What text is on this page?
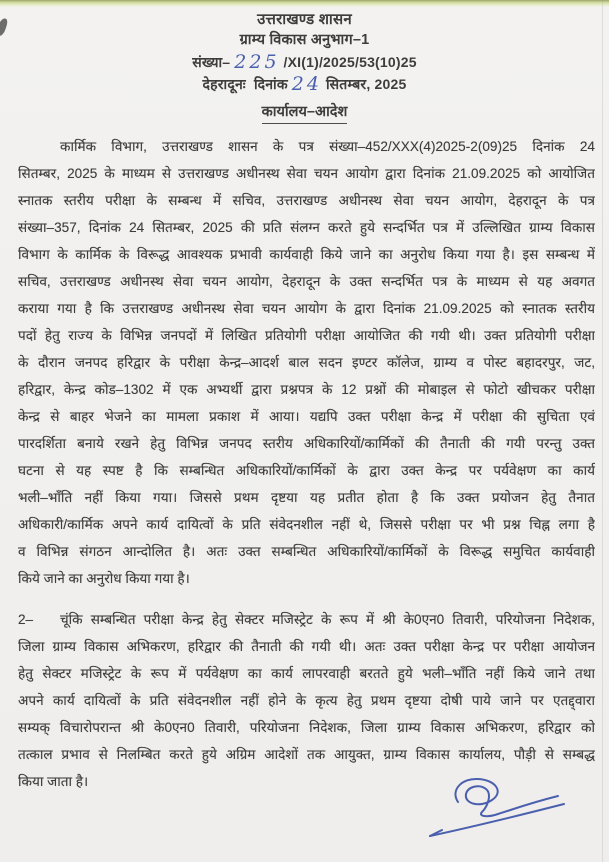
उत्तराखण्ड शासन
ग्राम्य विकास अनुभाग–1
संख्या– 225 /XI(1)/2025/53(10)25
देहरादूनः दिनांक 24 सितम्बर, 2025
कार्यालय–आदेश
कार्मिक विभाग, उत्तराखण्ड शासन के पत्र संख्या–452/XXX(4)2025-2(09)25 दिनांक 24
सितम्बर, 2025 के माध्यम से उत्तराखण्ड अधीनस्थ सेवा चयन आयोग द्वारा दिनांक 21.09.2025 को आयोजित
स्नातक स्तरीय परीक्षा के सम्बन्ध में सचिव, उत्तराखण्ड अधीनस्थ सेवा चयन आयोग, देहरादून के पत्र
संख्या–357, दिनांक 24 सितम्बर, 2025 की प्रति संलग्न करते हुये सन्दर्भित पत्र में उल्लिखित ग्राम्य विकास
विभाग के कार्मिक के विरूद्ध आवश्यक प्रभावी कार्यवाही किये जाने का अनुरोध किया गया है। इस सम्बन्ध में
सचिव, उत्तराखण्ड अधीनस्थ सेवा चयन आयोग, देहरादून के उक्त सन्दर्भित पत्र के माध्यम से यह अवगत
कराया गया है कि उत्तराखण्ड अधीनस्थ सेवा चयन आयोग के द्वारा दिनांक 21.09.2025 को स्नातक स्तरीय
पदों हेतु राज्य के विभिन्न जनपदों में लिखित प्रतियोगी परीक्षा आयोजित की गयी थी। उक्त प्रतियोगी परीक्षा
के दौरान जनपद हरिद्वार के परीक्षा केन्द्र–आदर्श बाल सदन इण्टर कॉलेज, ग्राम्य व पोस्ट बहादरपुर, जट,
हरिद्वार, केन्द्र कोड–1302 में एक अभ्यर्थी द्वारा प्रश्नपत्र के 12 प्रश्नों की मोबाइल से फोटो खीचकर परीक्षा
केन्द्र से बाहर भेजने का मामला प्रकाश में आया। यद्यपि उक्त परीक्षा केन्द्र में परीक्षा की सुचिता एवं
पारदर्शिता बनाये रखने हेतु विभिन्न जनपद स्तरीय अधिकारियों/कार्मिकों की तैनाती की गयी परन्तु उक्त
घटना से यह स्पष्ट है कि सम्बन्धित अधिकारियों/कार्मिकों के द्वारा उक्त केन्द्र पर पर्यवेक्षण का कार्य
भली–भाँति नहीं किया गया। जिससे प्रथम दृष्टया यह प्रतीत होता है कि उक्त प्रयोजन हेतु तैनात
अधिकारी/कार्मिक अपने कार्य दायित्वों के प्रति संवेदनशील नहीं थे, जिससे परीक्षा पर भी प्रश्न चिह्न लगा है
व विभिन्न संगठन आन्दोलित है। अतः उक्त सम्बन्धित अधिकारियों/कार्मिकों के विरूद्ध समुचित कार्यवाही
किये जाने का अनुरोध किया गया है।
2–	चूंकि सम्बन्धित परीक्षा केन्द्र हेतु सेक्टर मजिस्ट्रेट के रूप में श्री के0एन0 तिवारी, परियोजना निदेशक,
जिला ग्राम्य विकास अभिकरण, हरिद्वार की तैनाती की गयी थी। अतः उक्त परीक्षा केन्द्र पर परीक्षा आयोजन
हेतु सेक्टर मजिस्ट्रेट के रूप में पर्यवेक्षण का कार्य लापरवाही बरतते हुये भली–भाँति नहीं किये जाने तथा
अपने कार्य दायित्वों के प्रति संवेदनशील नहीं होने के कृत्य हेतु प्रथम दृष्टया दोषी पाये जाने पर एतद्द्वारा
सम्यक् विचारोपरान्त श्री के0एन0 तिवारी, परियोजना निदेशक, जिला ग्राम्य विकास अभिकरण, हरिद्वार को
तत्काल प्रभाव से निलम्बित करते हुये अग्रिम आदेशों तक आयुक्त, ग्राम्य विकास कार्यालय, पौड़ी से सम्बद्ध
किया जाता है।
